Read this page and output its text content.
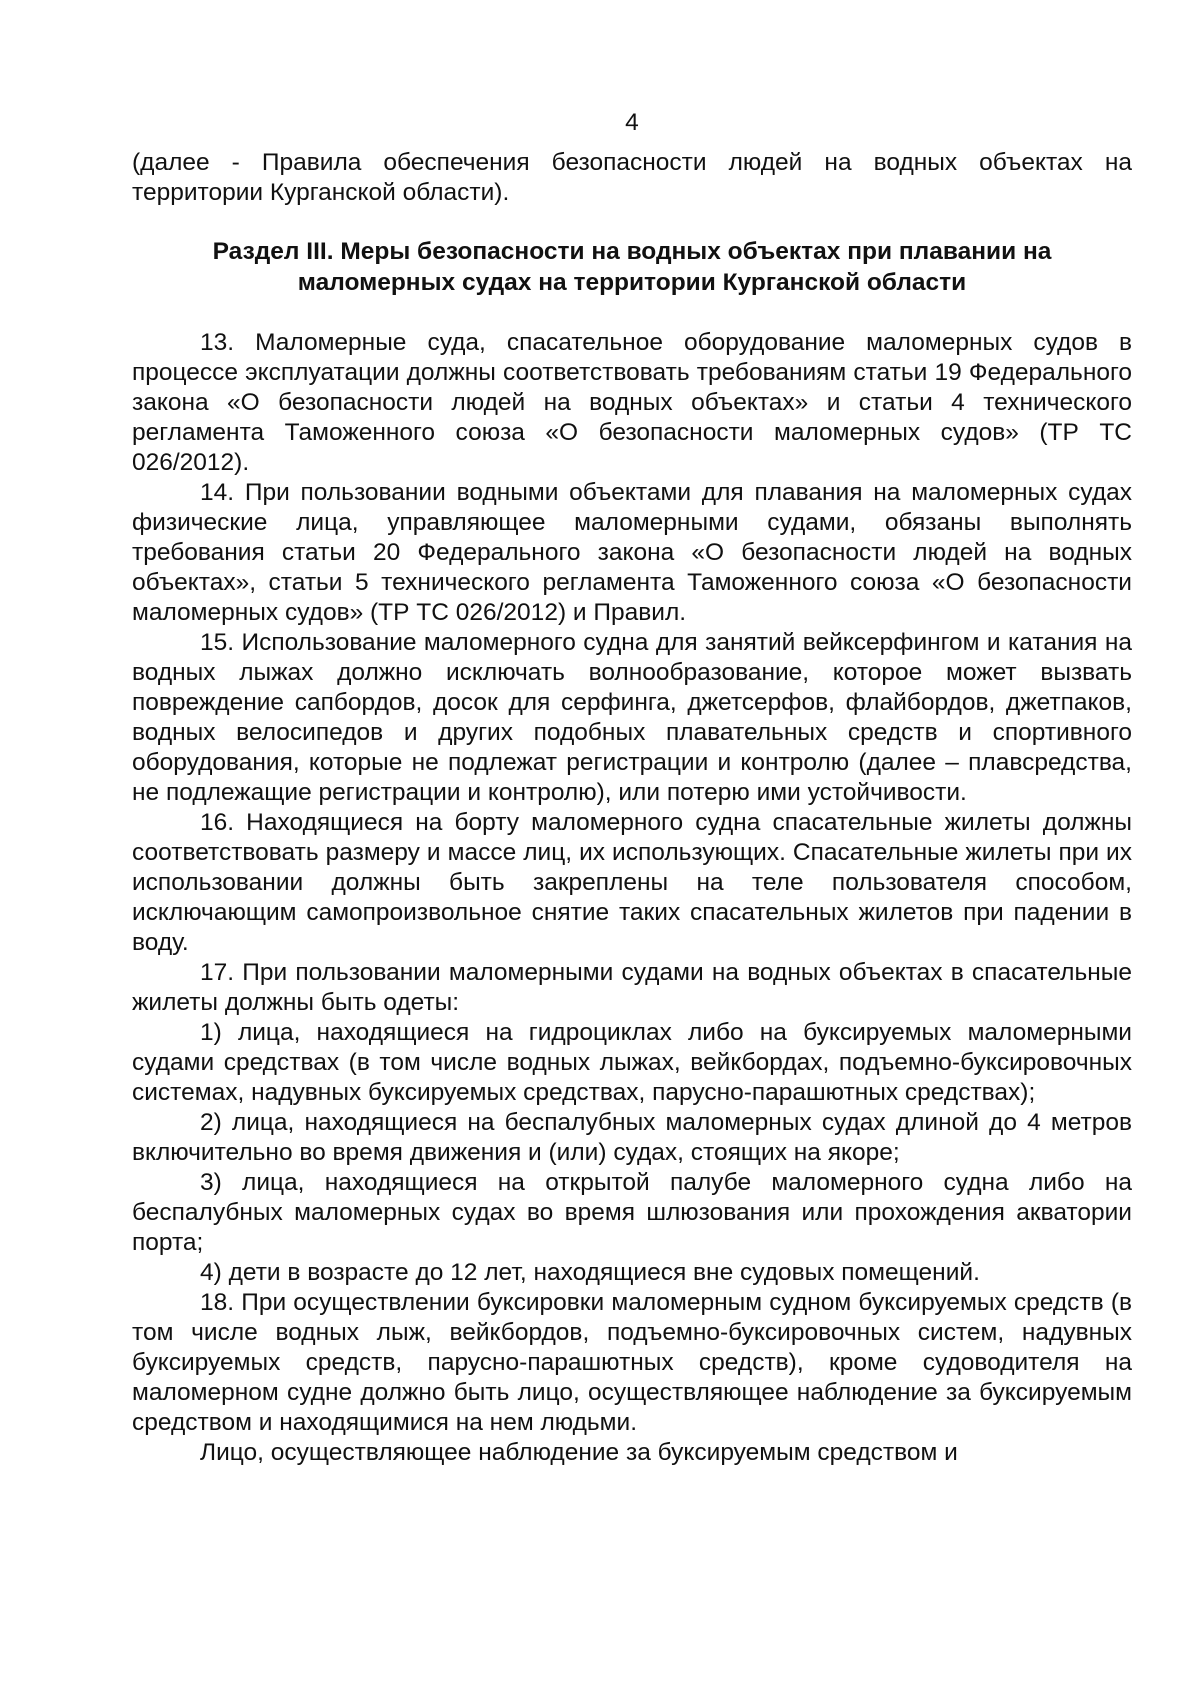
4

(далее - Правила обеспечения безопасности людей на водных объектах на территории Курганской области).

Раздел III. Меры безопасности на водных объектах при плавании на
маломерных судах на территории Курганской области

13. Маломерные суда, спасательное оборудование маломерных судов в процессе эксплуатации должны соответствовать требованиям статьи 19 Федерального закона «О безопасности людей на водных объектах» и статьи 4 технического регламента Таможенного союза «О безопасности маломерных судов» (ТР ТС 026/2012).

14. При пользовании водными объектами для плавания на маломерных судах физические лица, управляющее маломерными судами, обязаны выполнять требования статьи 20 Федерального закона «О безопасности людей на водных объектах», статьи 5 технического регламента Таможенного союза «О безопасности маломерных судов» (ТР ТС 026/2012) и Правил.

15. Использование маломерного судна для занятий вейксерфингом и катания на водных лыжах должно исключать волнообразование, которое может вызвать повреждение сапбордов, досок для серфинга, джетсерфов, флайбордов, джетпаков, водных велосипедов и других подобных плавательных средств и спортивного оборудования, которые не подлежат регистрации и контролю (далее – плавсредства, не подлежащие регистрации и контролю), или потерю ими устойчивости.

16. Находящиеся на борту маломерного судна спасательные жилеты должны соответствовать размеру и массе лиц, их использующих. Спасательные жилеты при их использовании должны быть закреплены на теле пользователя способом, исключающим самопроизвольное снятие таких спасательных жилетов при падении в воду.

17. При пользовании маломерными судами на водных объектах в спасательные жилеты должны быть одеты:

1) лица, находящиеся на гидроциклах либо на буксируемых маломерными судами средствах (в том числе водных лыжах, вейкбордах, подъемно-буксировочных системах, надувных буксируемых средствах, парусно-парашютных средствах);

2) лица, находящиеся на беспалубных маломерных судах длиной до 4 метров включительно во время движения и (или) судах, стоящих на якоре;

3) лица, находящиеся на открытой палубе маломерного судна либо на беспалубных маломерных судах во время шлюзования или прохождения акватории порта;

4) дети в возрасте до 12 лет, находящиеся вне судовых помещений.

18. При осуществлении буксировки маломерным судном буксируемых средств (в том числе водных лыж, вейкбордов, подъемно-буксировочных систем, надувных буксируемых средств, парусно-парашютных средств), кроме судоводителя на маломерном судне должно быть лицо, осуществляющее наблюдение за буксируемым средством и находящимися на нем людьми.

Лицо, осуществляющее наблюдение за буксируемым средством и
